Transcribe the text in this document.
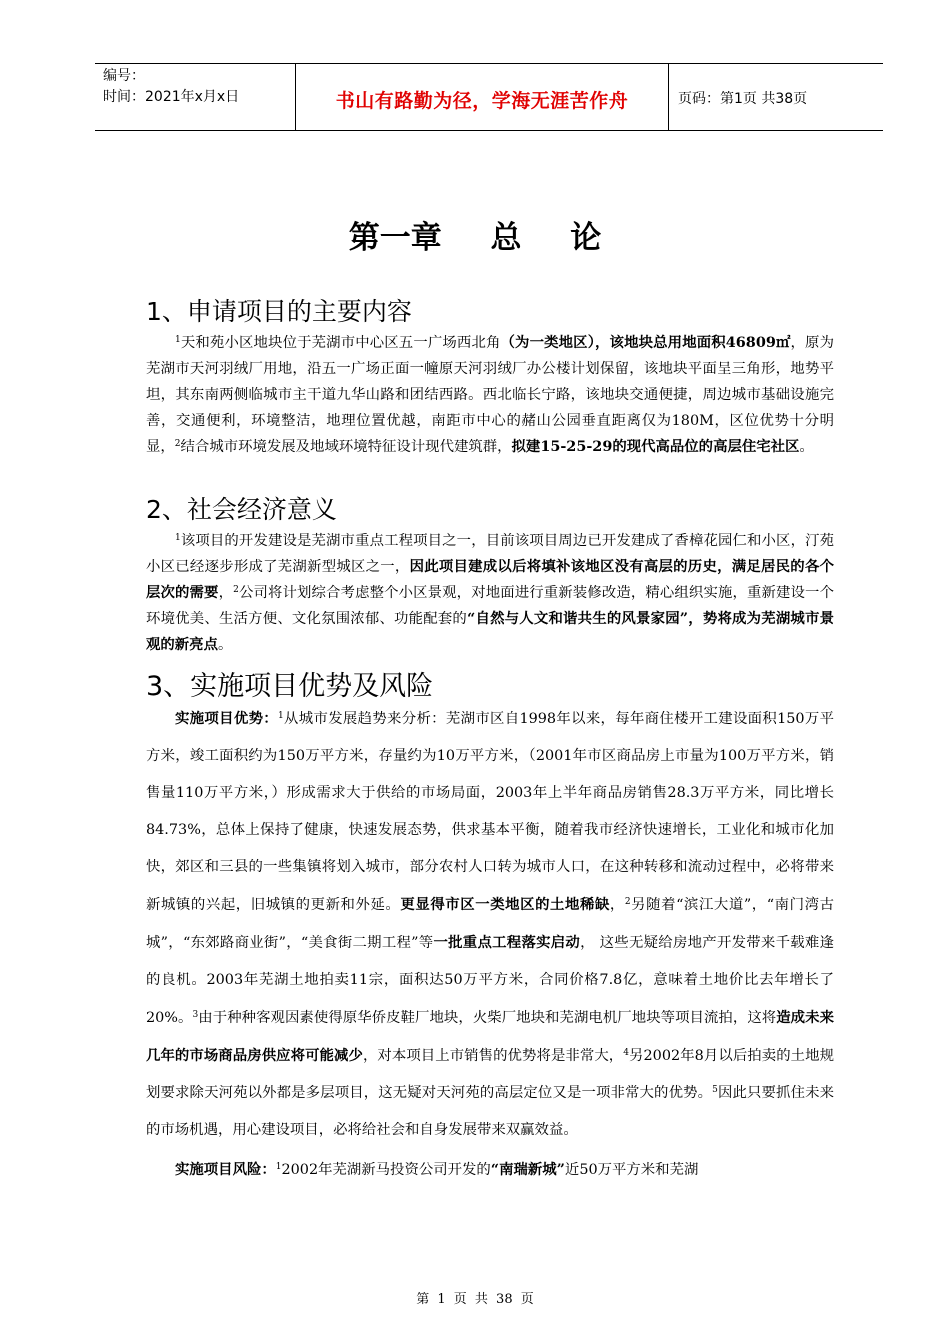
编号：
时间：2021年x月x日	书山有路勤为径，学海无涯苦作舟	页码：第1页 共38页
第一章 总 论
1、申请项目的主要内容

$^1$天和苑小区地块位于芜湖市中心区五一广场西北角（为一类地区），该地块总用地面积46809㎡，原为芜湖市天河羽绒厂用地，沿五一广场正面一幢原天河羽绒厂办公楼计划保留，该地块平面呈三角形，地势平坦，其东南两侧临城市主干道九华山路和团结西路。西北临长宁路，该地块交通便捷，周边城市基础设施完善，交通便利，环境整洁，地理位置优越，南距市中心的赭山公园垂直距离仅为180M，区位优势十分明显，$^2$结合城市环境发展及地域环境特征设计现代建筑群，拟建15-25-29的现代高品位的高层住宅社区。

2、社会经济意义

$^1$该项目的开发建设是芜湖市重点工程项目之一，目前该项目周边已开发建成了香樟花园仁和小区，汀苑小区已经逐步形成了芜湖新型城区之一，因此项目建成以后将填补该地区没有高层的历史，满足居民的各个层次的需要，$^2$公司将计划综合考虑整个小区景观，对地面进行重新装修改造，精心组织实施，重新建设一个环境优美、生活方便、文化氛围浓郁、功能配套的“自然与人文和谐共生的风景家园”，势将成为芜湖城市景观的新亮点。

3、实施项目优势及风险

实施项目优势：$^1$从城市发展趋势来分析：芜湖市区自1998年以来，每年商住楼开工建设面积150万平方米，竣工面积约为150万平方米，存量约为10万平方米，（2001年市区商品房上市量为100万平方米，销售量110万平方米，）形成需求大于供给的市场局面，2003年上半年商品房销售28.3万平方米，同比增长84.73%，总体上保持了健康，快速发展态势，供求基本平衡，随着我市经济快速增长，工业化和城市化加快，郊区和三县的一些集镇将划入城市，部分农村人口转为城市人口，在这种转移和流动过程中，必将带来新城镇的兴起，旧城镇的更新和外延。更显得市区一类地区的土地稀缺，$^2$另随着“滨江大道”，“南门湾古城”，“东郊路商业街”，“美食街二期工程”等一批重点工程落实启动， 这些无疑给房地产开发带来千载难逢的良机。2003年芜湖土地拍卖11宗，面积达50万平方米，合同价格7.8亿，意味着土地价比去年增长了20%。$^3$由于种种客观因素使得原华侨皮鞋厂地块，火柴厂地块和芜湖电机厂地块等项目流拍，这将造成未来几年的市场商品房供应将可能减少，对本项目上市销售的优势将是非常大，$^4$另2002年8月以后拍卖的土地规划要求除天河苑以外都是多层项目，这无疑对天河苑的高层定位又是一项非常大的优势。$^5$因此只要抓住未来的市场机遇，用心建设项目，必将给社会和自身发展带来双赢效益。

实施项目风险：$^1$2002年芜湖新马投资公司开发的“南瑞新城”近50万平方米和芜湖

第 1 页 共 38 页
